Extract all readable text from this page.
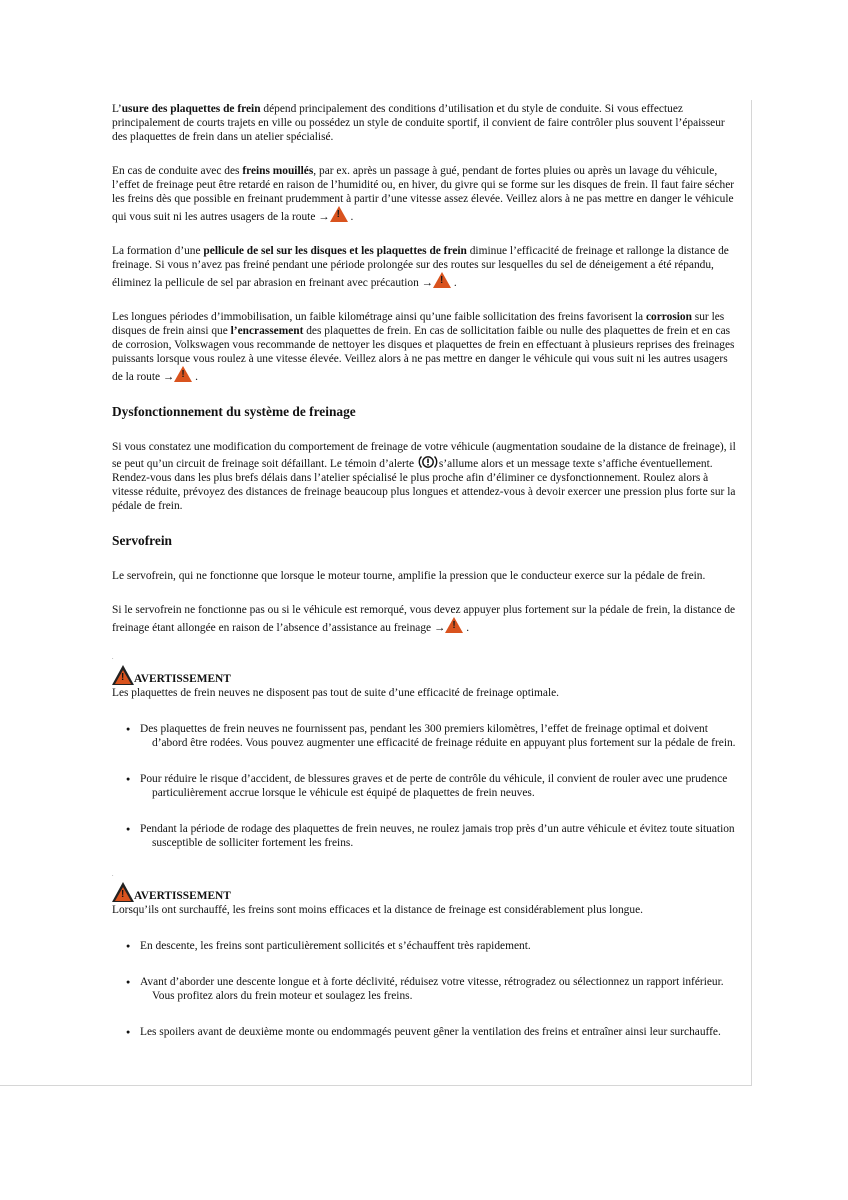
L’usure des plaquettes de frein dépend principalement des conditions d’utilisation et du style de conduite. Si vous effectuez principalement de courts trajets en ville ou possédez un style de conduite sportif, il convient de faire contrôler plus souvent l’épaisseur des plaquettes de frein dans un atelier spécialisé.

En cas de conduite avec des freins mouillés, par ex. après un passage à gué, pendant de fortes pluies ou après un lavage du véhicule, l’effet de freinage peut être retardé en raison de l’humidité ou, en hiver, du givre qui se forme sur les disques de frein. Il faut faire sécher les freins dès que possible en freinant prudemment à partir d’une vitesse assez élevée. Veillez alors à ne pas mettre en danger le véhicule qui vous suit ni les autres usagers de la route →! .

La formation d’une pellicule de sel sur les disques et les plaquettes de frein diminue l’efficacité de freinage et rallonge la distance de freinage. Si vous n’avez pas freiné pendant une période prolongée sur des routes sur lesquelles du sel de déneigement a été répandu, éliminez la pellicule de sel par abrasion en freinant avec précaution →! .

Les longues périodes d’immobilisation, un faible kilométrage ainsi qu’une faible sollicitation des freins favorisent la corrosion sur les disques de frein ainsi que l’encrassement des plaquettes de frein. En cas de sollicitation faible ou nulle des plaquettes de frein et en cas de corrosion, Volkswagen vous recommande de nettoyer les disques et plaquettes de frein en effectuant à plusieurs reprises des freinages puissants lorsque vous roulez à une vitesse élevée. Veillez alors à ne pas mettre en danger le véhicule qui vous suit ni les autres usagers de la route →! .

Dysfonctionnement du système de freinage

Si vous constatez une modification du comportement de freinage de votre véhicule (augmentation soudaine de la distance de freinage), il se peut qu’un circuit de freinage soit défaillant. Le témoin d’alerte s’allume alors et un message texte s’affiche éventuellement. Rendez-vous dans les plus brefs délais dans l’atelier spécialisé le plus proche afin d’éliminer ce dysfonctionnement. Roulez alors à vitesse réduite, prévoyez des distances de freinage beaucoup plus longues et attendez-vous à devoir exercer une pression plus forte sur la pédale de frein.

Servofrein

Le servofrein, qui ne fonctionne que lorsque le moteur tourne, amplifie la pression que le conducteur exerce sur la pédale de frein.

Si le servofrein ne fonctionne pas ou si le véhicule est remorqué, vous devez appuyer plus fortement sur la pédale de frein, la distance de freinage étant allongée en raison de l’absence d’assistance au freinage →! .

.
!AVERTISSEMENT

Les plaquettes de frein neuves ne disposent pas tout de suite d’une efficacité de freinage optimale.

● Des plaquettes de frein neuves ne fournissent pas, pendant les 300 premiers kilomètres, l’effet de freinage optimal et doivent d’abord être rodées. Vous pouvez augmenter une efficacité de freinage réduite en appuyant plus fortement sur la pédale de frein.
● Pour réduire le risque d’accident, de blessures graves et de perte de contrôle du véhicule, il convient de rouler avec une prudence particulièrement accrue lorsque le véhicule est équipé de plaquettes de frein neuves.
● Pendant la période de rodage des plaquettes de frein neuves, ne roulez jamais trop près d’un autre véhicule et évitez toute situation susceptible de solliciter fortement les freins.
.
!AVERTISSEMENT

Lorsqu’ils ont surchauffé, les freins sont moins efficaces et la distance de freinage est considérablement plus longue.

● En descente, les freins sont particulièrement sollicités et s’échauffent très rapidement.
● Avant d’aborder une descente longue et à forte déclivité, réduisez votre vitesse, rétrogradez ou sélectionnez un rapport inférieur. Vous profitez alors du frein moteur et soulagez les freins.
● Les spoilers avant de deuxième monte ou endommagés peuvent gêner la ventilation des freins et entraîner ainsi leur surchauffe.
